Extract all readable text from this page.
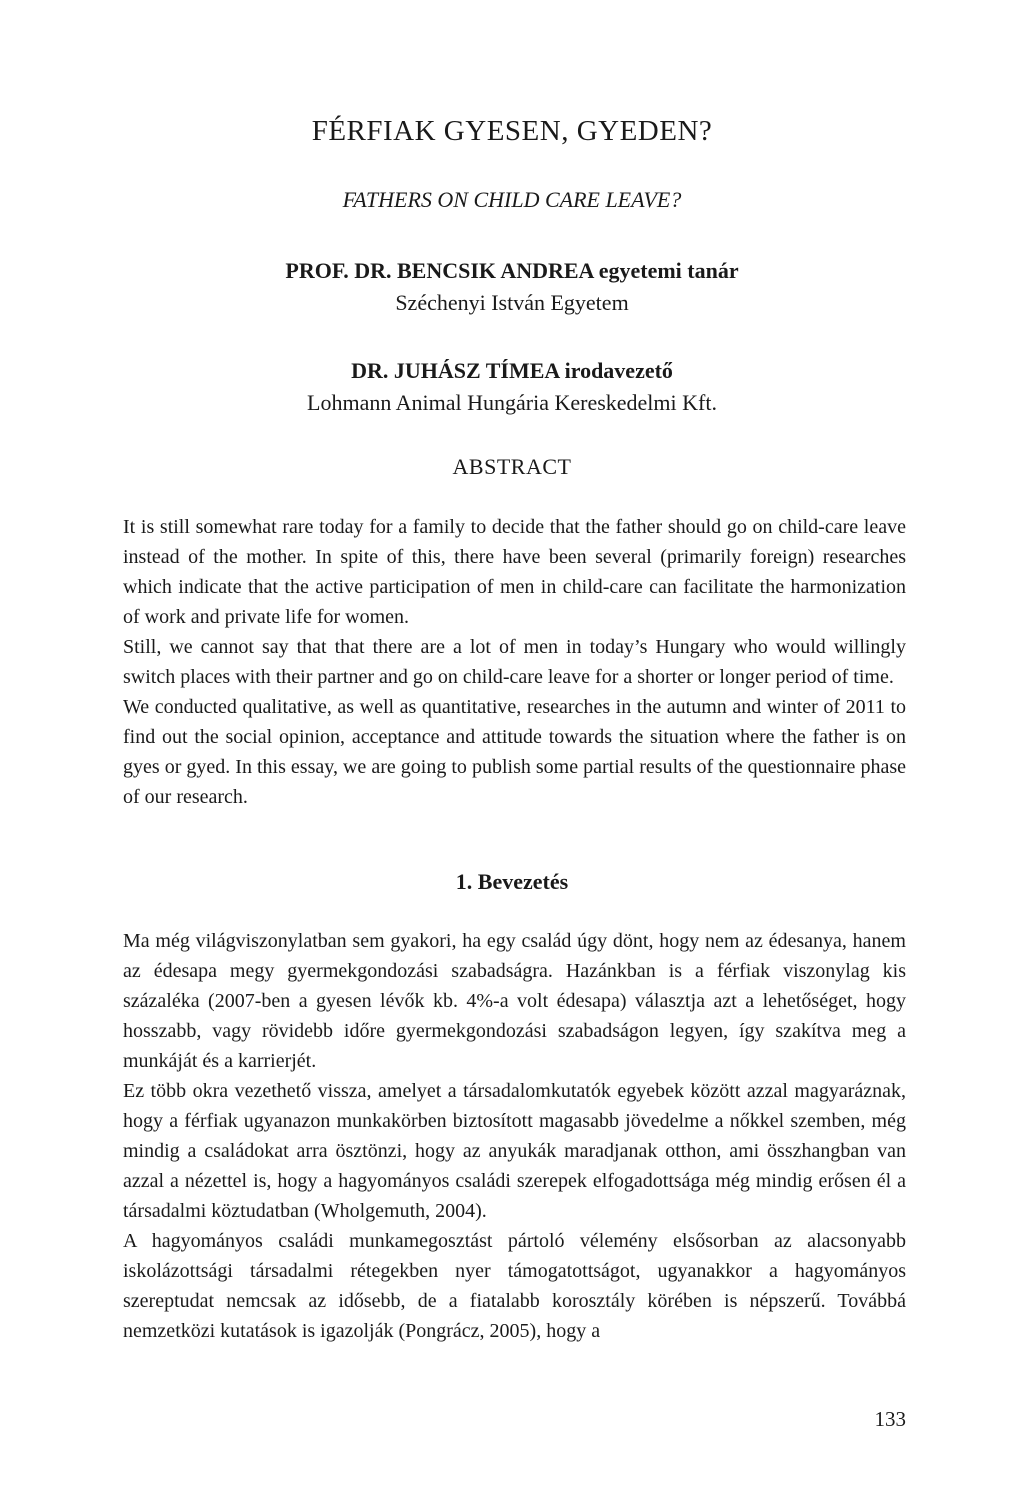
FÉRFIAK GYESEN, GYEDEN?
FATHERS ON CHILD CARE LEAVE?
PROF. DR. BENCSIK ANDREA egyetemi tanár
Széchenyi István Egyetem
DR. JUHÁSZ TÍMEA irodavezető
Lohmann Animal Hungária Kereskedelmi Kft.
ABSTRACT

It is still somewhat rare today for a family to decide that the father should go on child-care leave instead of the mother. In spite of this, there have been several (primarily foreign) researches which indicate that the active participation of men in child-care can facilitate the harmonization of work and private life for women.

Still, we cannot say that that there are a lot of men in today’s Hungary who would willingly switch places with their partner and go on child-care leave for a shorter or longer period of time.

We conducted qualitative, as well as quantitative, researches in the autumn and winter of 2011 to find out the social opinion, acceptance and attitude towards the situation where the father is on gyes or gyed. In this essay, we are going to publish some partial results of the questionnaire phase of our research.

1. Bevezetés

Ma még világviszonylatban sem gyakori, ha egy család úgy dönt, hogy nem az édesanya, hanem az édesapa megy gyermekgondozási szabadságra. Hazánkban is a férfiak viszonylag kis százaléka (2007-ben a gyesen lévők kb. 4%-a volt édesapa) választja azt a lehetőséget, hogy hosszabb, vagy rövidebb időre gyermekgondozási szabadságon legyen, így szakítva meg a munkáját és a karrierjét.

Ez több okra vezethető vissza, amelyet a társadalomkutatók egyebek között azzal magyaráznak, hogy a férfiak ugyanazon munkakörben biztosított magasabb jövedelme a nőkkel szemben, még mindig a családokat arra ösztönzi, hogy az anyukák maradjanak otthon, ami összhangban van azzal a nézettel is, hogy a hagyományos családi szerepek elfogadottsága még mindig erősen él a társadalmi köztudatban (Wholgemuth, 2004).

A hagyományos családi munkamegosztást pártoló vélemény elsősorban az alacsonyabb iskolázottsági társadalmi rétegekben nyer támogatottságot, ugyanakkor a hagyományos szereptudat nemcsak az idősebb, de a fiatalabb korosztály körében is népszerű. Továbbá nemzetközi kutatások is igazolják (Pongrácz, 2005), hogy a

133
